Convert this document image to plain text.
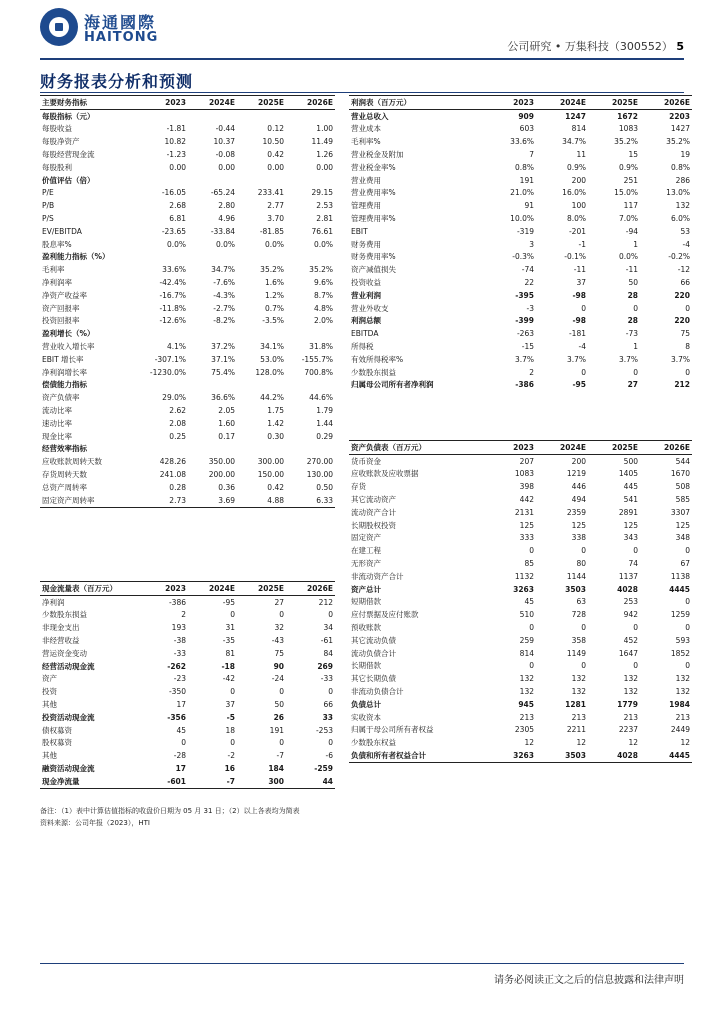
海通國際
HAITONG
公司研究 • 万集科技（300552） 5
财务报表分析和预测
主要财务指标	2023	2024E	2025E	2026E
每股指标（元）				
每股收益	-1.81	-0.44	0.12	1.00
每股净资产	10.82	10.37	10.50	11.49
每股经营现金流	-1.23	-0.08	0.42	1.26
每股股利	0.00	0.00	0.00	0.00
价值评估（倍）				
P/E	-16.05	-65.24	233.41	29.15
P/B	2.68	2.80	2.77	2.53
P/S	6.81	4.96	3.70	2.81
EV/EBITDA	-23.65	-33.84	-81.85	76.61
股息率%	0.0%	0.0%	0.0%	0.0%
盈利能力指标（%）				
毛利率	33.6%	34.7%	35.2%	35.2%
净利润率	-42.4%	-7.6%	1.6%	9.6%
净资产收益率	-16.7%	-4.3%	1.2%	8.7%
资产回报率	-11.8%	-2.7%	0.7%	4.8%
投资回报率	-12.6%	-8.2%	-3.5%	2.0%
盈利增长（%）				
营业收入增长率	4.1%	37.2%	34.1%	31.8%
EBIT 增长率	-307.1%	37.1%	53.0%	-155.7%
净利润增长率	-1230.0%	75.4%	128.0%	700.8%
偿债能力指标				
资产负债率	29.0%	36.6%	44.2%	44.6%
流动比率	2.62	2.05	1.75	1.79
速动比率	2.08	1.60	1.42	1.44
现金比率	0.25	0.17	0.30	0.29
经营效率指标				
应收账款周转天数	428.26	350.00	300.00	270.00
存货周转天数	241.08	200.00	150.00	130.00
总资产周转率	0.28	0.36	0.42	0.50
固定资产周转率	2.73	3.69	4.88	6.33
利润表（百万元）	2023	2024E	2025E	2026E
营业总收入	909	1247	1672	2203
营业成本	603	814	1083	1427
毛利率%	33.6%	34.7%	35.2%	35.2%
营业税金及附加	7	11	15	19
营业税金率%	0.8%	0.9%	0.9%	0.8%
营业费用	191	200	251	286
营业费用率%	21.0%	16.0%	15.0%	13.0%
管理费用	91	100	117	132
管理费用率%	10.0%	8.0%	7.0%	6.0%
EBIT	-319	-201	-94	53
财务费用	3	-1	1	-4
财务费用率%	-0.3%	-0.1%	0.0%	-0.2%
资产减值损失	-74	-11	-11	-12
投资收益	22	37	50	66
营业利润	-395	-98	28	220
营业外收支	-3	0	0	0
利润总额	-399	-98	28	220
EBITDA	-263	-181	-73	75
所得税	-15	-4	1	8
有效所得税率%	3.7%	3.7%	3.7%	3.7%
少数股东损益	2	0	0	0
归属母公司所有者净利润	-386	-95	27	212
资产负债表（百万元）	2023	2024E	2025E	2026E
货币资金	207	200	500	544
应收账款及应收票据	1083	1219	1405	1670
存货	398	446	445	508
其它流动资产	442	494	541	585
流动资产合计	2131	2359	2891	3307
长期股权投资	125	125	125	125
固定资产	333	338	343	348
在建工程	0	0	0	0
无形资产	85	80	74	67
非流动资产合计	1132	1144	1137	1138
资产总计	3263	3503	4028	4445
短期借款	45	63	253	0
应付票据及应付账款	510	728	942	1259
预收账款	0	0	0	0
其它流动负债	259	358	452	593
流动负债合计	814	1149	1647	1852
长期借款	0	0	0	0
其它长期负债	132	132	132	132
非流动负债合计	132	132	132	132
负债总计	945	1281	1779	1984
实收资本	213	213	213	213
归属于母公司所有者权益	2305	2211	2237	2449
少数股东权益	12	12	12	12
负债和所有者权益合计	3263	3503	4028	4445
现金流量表（百万元）	2023	2024E	2025E	2026E
净利润	-386	-95	27	212
少数股东损益	2	0	0	0
非现金支出	193	31	32	34
非经营收益	-38	-35	-43	-61
营运资金变动	-33	81	75	84
经营活动现金流	-262	-18	90	269
资产	-23	-42	-24	-33
投资	-350	0	0	0
其他	17	37	50	66
投资活动现金流	-356	-5	26	33
债权募资	45	18	191	-253
股权募资	0	0	0	0
其他	-28	-2	-7	-6
融资活动现金流	17	16	184	-259
现金净流量	-601	-7	300	44
备注：（1）表中计算估值指标的收盘价日期为 05 月 31 日；（2）以上各表均为简表
资料来源：公司年报（2023），HTI
请务必阅读正文之后的信息披露和法律声明
